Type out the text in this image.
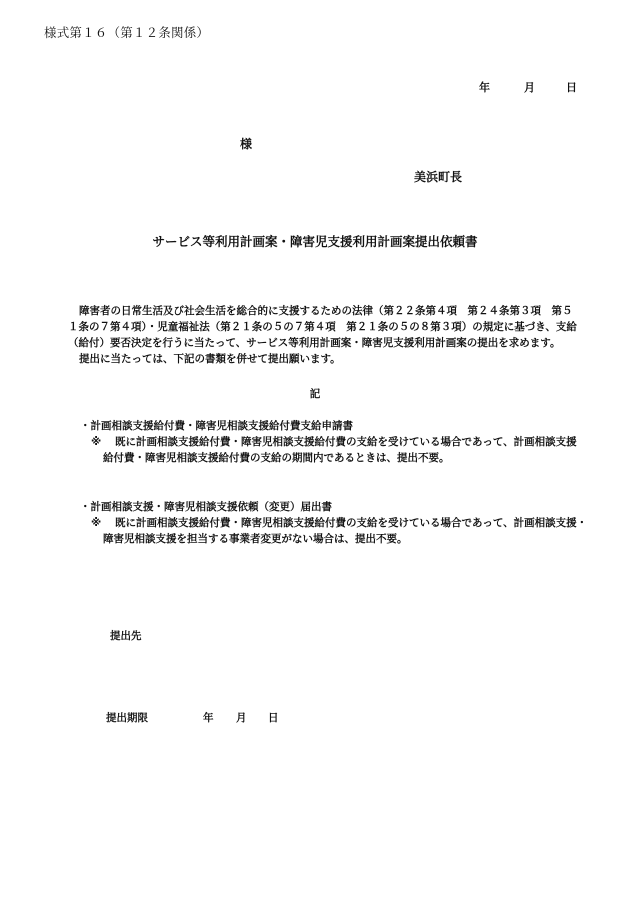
様式第１６（第１２条関係）
年	月	日
様
美浜町長
サービス等利用計画案・障害児支援利用計画案提出依頼書

障害者の日常生活及び社会生活を総合的に支援するための法律（第２２条第４項　第２４条第３項　第５

１条の７第４項）・児童福祉法（第２１条の５の７第４項　第２１条の５の８第３項）の規定に基づき、支給

（給付）要否決定を行うに当たって、サービス等利用計画案・障害児支援利用計画案の提出を求めます。

提出に当たっては、下記の書類を併せて提出願います。

記
・計画相談支援給付費・障害児相談支援給付費支給申請書
※ 既に計画相談支援給付費・障害児相談支援給付費の支給を受けている場合であって、計画相談支援
給付費・障害児相談支援給付費の支給の期間内であるときは、提出不要。
・計画相談支援・障害児相談支援依頼（変更）届出書
※ 既に計画相談支援給付費・障害児相談支援給付費の支給を受けている場合であって、計画相談支援・
障害児相談支援を担当する事業者変更がない場合は、提出不要。
提出先
提出期限	年 月 日
